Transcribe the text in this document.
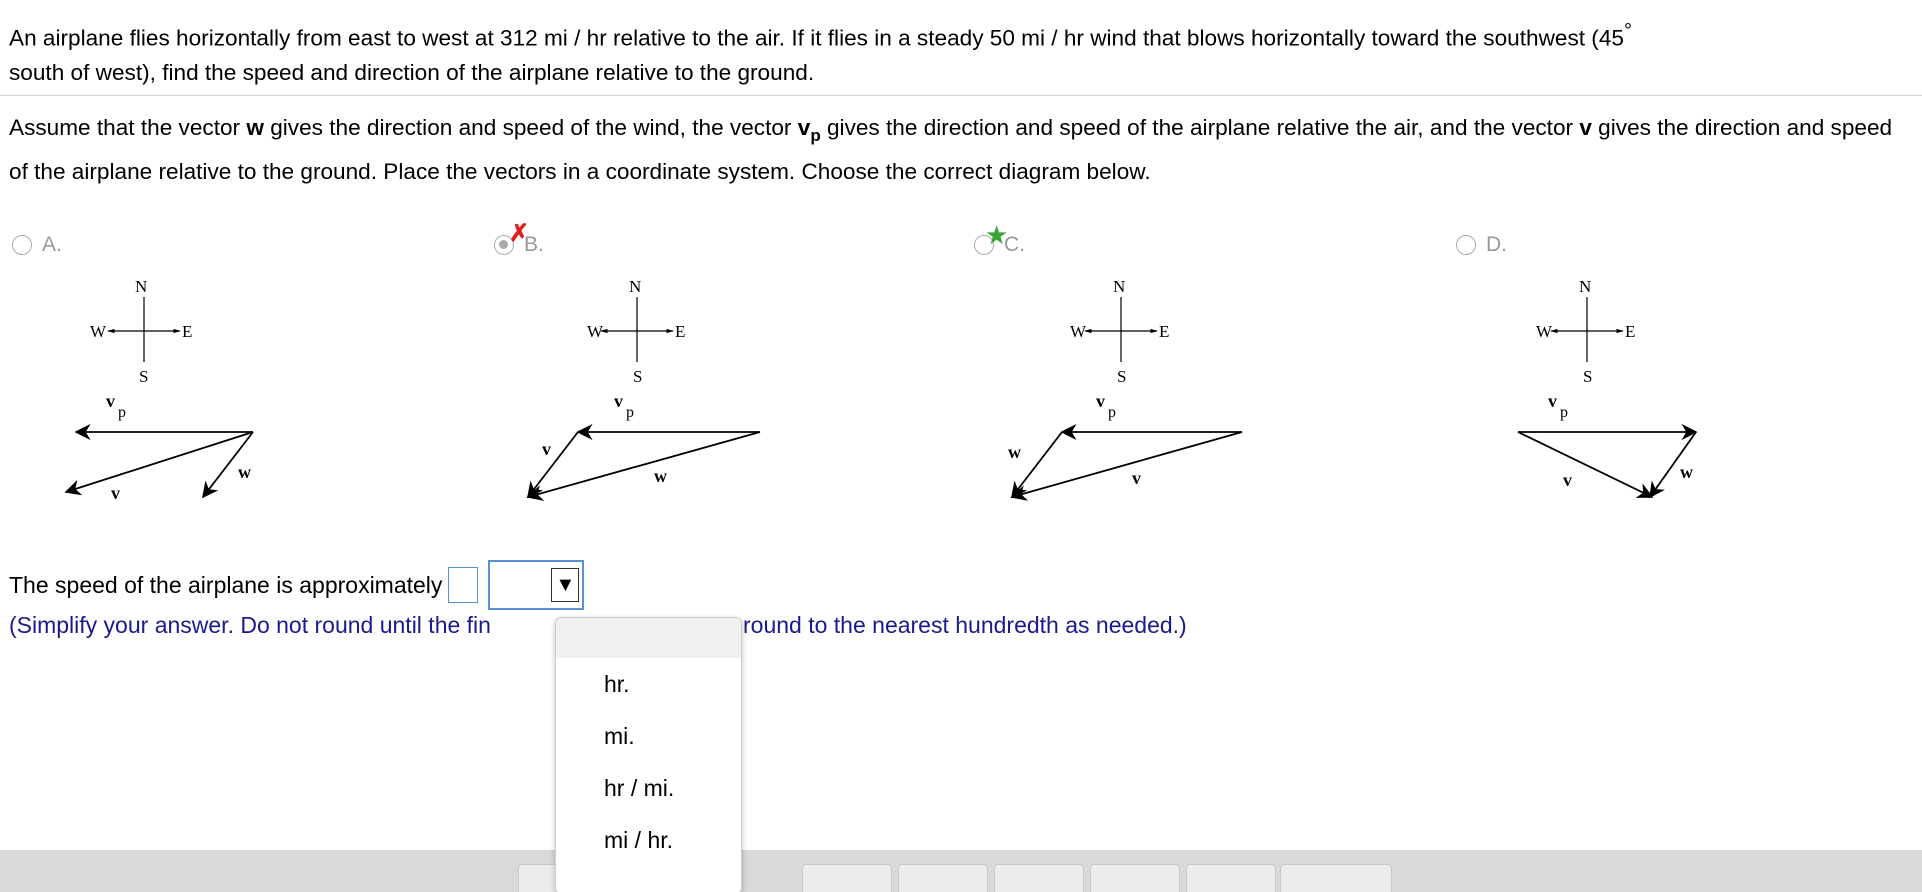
An airplane flies horizontally from east to west at 312 mi / hr relative to the air. If it flies in a steady 50 mi / hr wind that blows horizontally toward the southwest (45°
south of west), find the speed and direction of the airplane relative to the ground.
Assume that the vector w gives the direction and speed of the wind, the vector $v_p$ gives the direction and speed of the airplane relative the air, and the vector v gives the direction and speed of the airplane relative to the ground. Place the vectors in a coordinate system. Choose the correct diagram below.
A.	✗
B.	★
C.	D.
N
S
W	E
v
p
w
v
N
S
W	E
v
p
v
w
N
S
W	E
v
p
w
v
N
S
W	E
v
p
v	w
The speed of the airplane is approximately	▼
(Simplify your answer. Do not round until the fin	round to the nearest hundredth as needed.)
hr.
mi.
hr / mi.
mi / hr.
